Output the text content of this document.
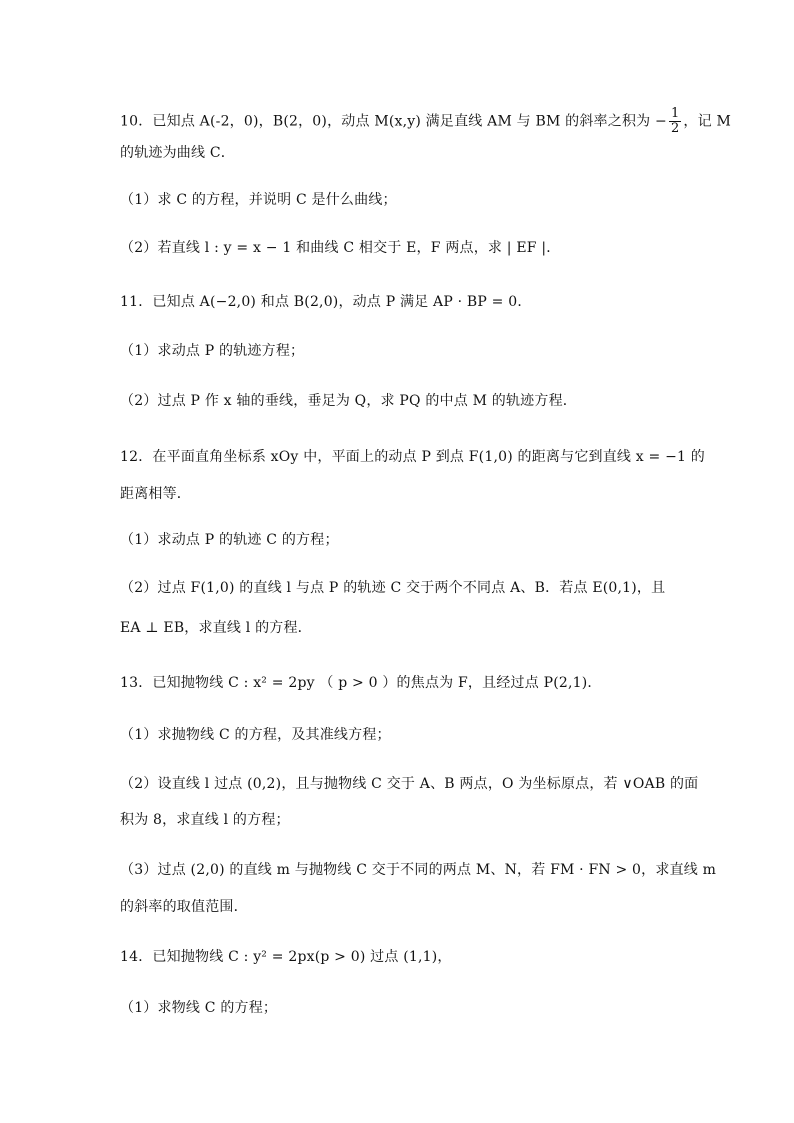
10．已知点 A(-2，0)，B(2，0)，动点 M(x,y) 满足直线 AM 与 BM 的斜率之积为 − $\frac{1}{2}$ ，记 M
的轨迹为曲线 C．
（1）求 C 的方程，并说明 C 是什么曲线；
（2）若直线 l : y = x − 1 和曲线 C 相交于 E，F 两点，求 | EF |．
11．已知点 A(−2,0) 和点 B(2,0)，动点 P 满足 AP · BP = 0．
（1）求动点 P 的轨迹方程；
（2）过点 P 作 x 轴的垂线，垂足为 Q，求 PQ 的中点 M 的轨迹方程．
12．在平面直角坐标系 xOy 中，平面上的动点 P 到点 F(1,0) 的距离与它到直线 x = −1 的
距离相等．
（1）求动点 P 的轨迹 C 的方程；
（2）过点 F(1,0) 的直线 l 与点 P 的轨迹 C 交于两个不同点 A、B．若点 E(0,1)，且
EA ⊥ EB，求直线 l 的方程．
13．已知抛物线 C : x² = 2py （ p > 0 ）的焦点为 F，且经过点 P(2,1)．
（1）求抛物线 C 的方程，及其准线方程；
（2）设直线 l 过点 (0,2)，且与抛物线 C 交于 A、B 两点，O 为坐标原点，若 ∨OAB 的面
积为 8，求直线 l 的方程；
（3）过点 (2,0) 的直线 m 与抛物线 C 交于不同的两点 M、N，若 FM · FN > 0，求直线 m
的斜率的取值范围．
14．已知抛物线 C : y² = 2px(p > 0) 过点 (1,1)，
（1）求物线 C 的方程；
